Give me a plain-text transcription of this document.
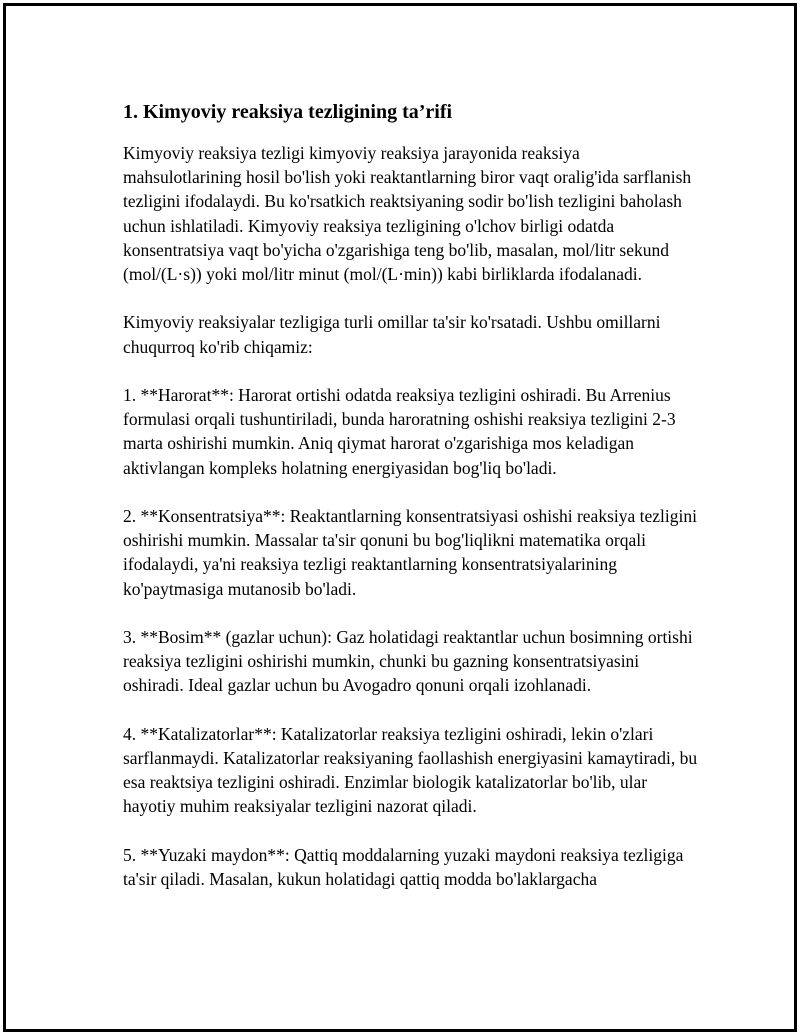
1. Kimyoviy reaksiya tezligining ta’rifi

Kimyoviy reaksiya tezligi kimyoviy reaksiya jarayonida reaksiya mahsulotlarining hosil bo'lish yoki reaktantlarning biror vaqt oralig'ida sarflanish tezligini ifodalaydi. Bu ko'rsatkich reaktsiyaning sodir bo'lish tezligini baholash uchun ishlatiladi. Kimyoviy reaksiya tezligining o'lchov birligi odatda konsentratsiya vaqt bo'yicha o'zgarishiga teng bo'lib, masalan, mol/litr sekund (mol/(L·s)) yoki mol/litr minut (mol/(L·min)) kabi birliklarda ifodalanadi.

Kimyoviy reaksiyalar tezligiga turli omillar ta'sir ko'rsatadi. Ushbu omillarni chuqurroq ko'rib chiqamiz:

1. **Harorat**: Harorat ortishi odatda reaksiya tezligini oshiradi. Bu Arrenius formulasi orqali tushuntiriladi, bunda haroratning oshishi reaksiya tezligini 2-3 marta oshirishi mumkin. Aniq qiymat harorat o'zgarishiga mos keladigan aktivlangan kompleks holatning energiyasidan bog'liq bo'ladi.

2. **Konsentratsiya**: Reaktantlarning konsentratsiyasi oshishi reaksiya tezligini oshirishi mumkin. Massalar ta'sir qonuni bu bog'liqlikni matematika orqali ifodalaydi, ya'ni reaksiya tezligi reaktantlarning konsentratsiyalarining ko'paytmasiga mutanosib bo'ladi.

3. **Bosim** (gazlar uchun): Gaz holatidagi reaktantlar uchun bosimning ortishi reaksiya tezligini oshirishi mumkin, chunki bu gazning konsentratsiyasini oshiradi. Ideal gazlar uchun bu Avogadro qonuni orqali izohlanadi.

4. **Katalizatorlar**: Katalizatorlar reaksiya tezligini oshiradi, lekin o'zlari sarflanmaydi. Katalizatorlar reaksiyaning faollashish energiyasini kamaytiradi, bu esa reaktsiya tezligini oshiradi. Enzimlar biologik katalizatorlar bo'lib, ular hayotiy muhim reaksiyalar tezligini nazorat qiladi.

5. **Yuzaki maydon**: Qattiq moddalarning yuzaki maydoni reaksiya tezligiga ta'sir qiladi. Masalan, kukun holatidagi qattiq modda bo'laklargacha
